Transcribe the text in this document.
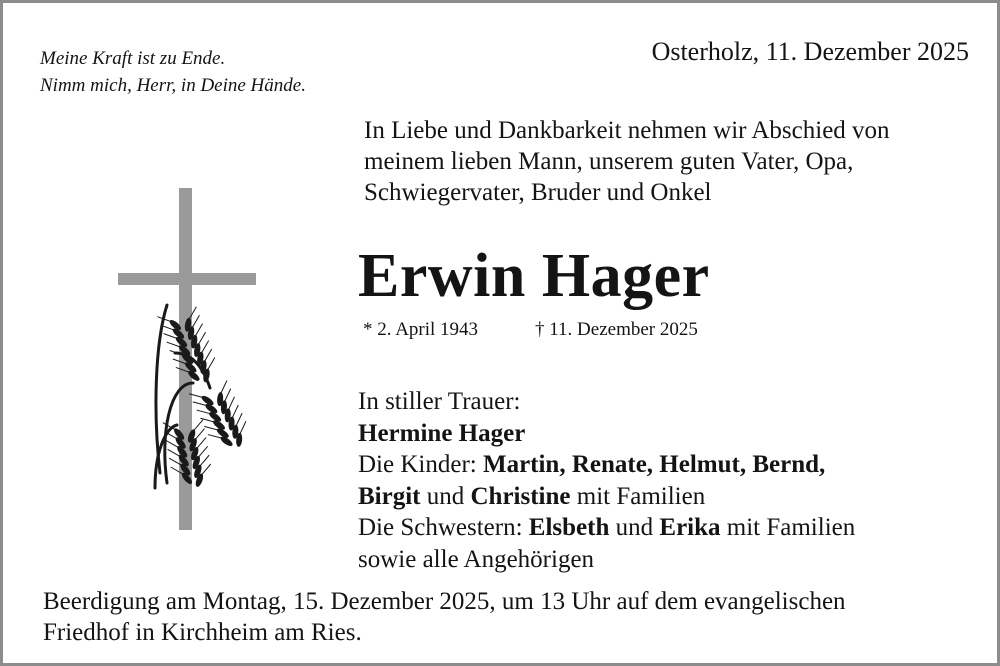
Meine Kraft ist zu Ende.
Nimm mich, Herr, in Deine Hände.
Osterholz, 11. Dezember 2025
In Liebe und Dankbarkeit nehmen wir Abschied von
meinem lieben Mann, unserem guten Vater, Opa,
Schwiegervater, Bruder und Onkel
Erwin Hager
* 2. April 1943	† 11. Dezember 2025
In stiller Trauer:
Hermine Hager
Die Kinder: Martin, Renate, Helmut, Bernd,
Birgit und Christine mit Familien
Die Schwestern: Elsbeth und Erika mit Familien
sowie alle Angehörigen
Beerdigung am Montag, 15. Dezember 2025, um 13 Uhr auf dem evangelischen
Friedhof in Kirchheim am Ries.
